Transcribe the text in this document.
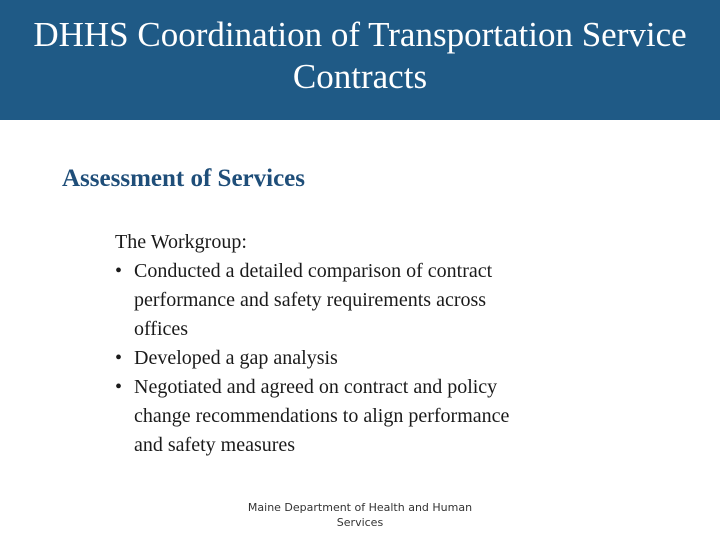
DHHS Coordination of Transportation Service
Contracts
Assessment of Services

The Workgroup:

• Conducted a detailed comparison of contract
performance and safety requirements across
offices
• Developed a gap analysis
• Negotiated and agreed on contract and policy
change recommendations to align performance
and safety measures
Maine Department of Health and Human
Services
